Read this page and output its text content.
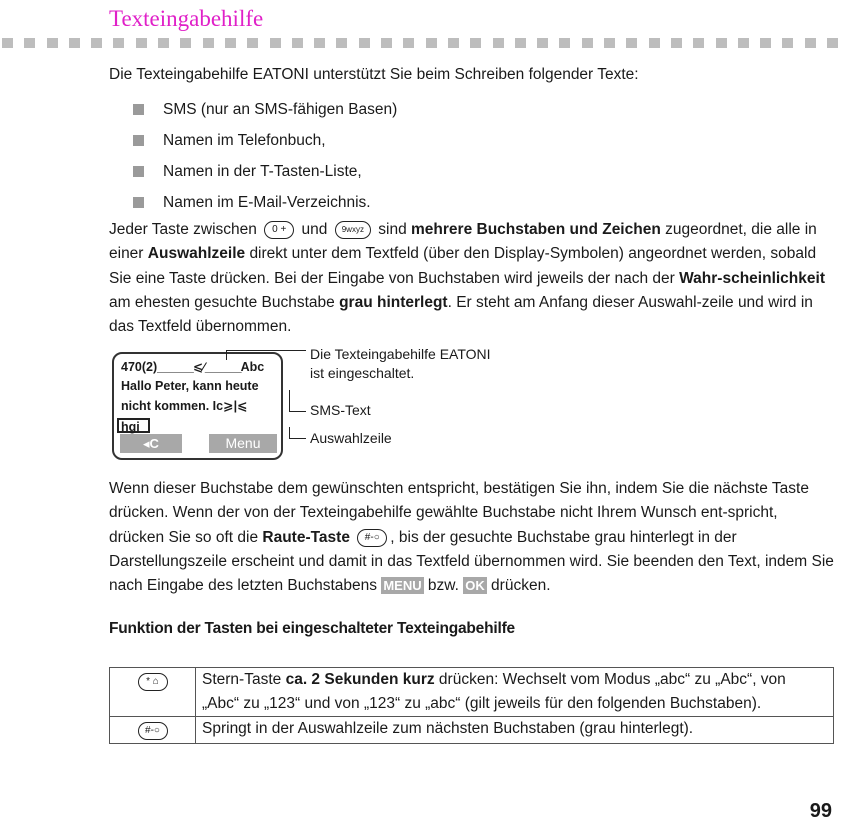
Texteingabehilfe
Die Texteingabehilfe EATONI unterstützt Sie beim Schreiben folgender Texte:
SMS (nur an SMS-fähigen Basen)
Namen im Telefonbuch,
Namen in der T-Tasten-Liste,
Namen im E-Mail-Verzeichnis.
Jeder Taste zwischen 0 + und 9wxyz sind mehrere Buchstaben und Zeichen zugeordnet, die alle in einer Auswahlzeile direkt unter dem Textfeld (über den Display-Symbolen) angeordnet werden, sobald Sie eine Taste drücken. Bei der Eingabe von Buchstaben wird jeweils der nach der Wahr-scheinlichkeit am ehesten gesuchte Buchstabe grau hinterlegt. Er steht am Anfang dieser Auswahl-zeile und wird in das Textfeld übernommen.
470(2)______⩽⁄______Abc
Hallo Peter, kann heute
nicht kommen. Ic⩾|⩽
hgi
◂C	Menu
Die Texteingabehilfe EATONI
ist eingeschaltet.
SMS-Text
Auswahlzeile
Wenn dieser Buchstabe dem gewünschten entspricht, bestätigen Sie ihn, indem Sie die nächste Taste drücken. Wenn der von der Texteingabehilfe gewählte Buchstabe nicht Ihrem Wunsch ent-spricht, drücken Sie so oft die Raute-Taste #-○ , bis der gesuchte Buchstabe grau hinterlegt in der Darstellungszeile erscheint und damit in das Textfeld übernommen wird. Sie beenden den Text, indem Sie nach Eingabe des letzten Buchstabens MENU bzw. OK drücken.
Funktion der Tasten bei eingeschalteter Texteingabehilfe
* ⌂	Stern-Taste ca. 2 Sekunden kurz drücken: Wechselt vom Modus „abc“ zu „Abc“, von „Abc“ zu „123“ und von „123“ zu „abc“ (gilt jeweils für den folgenden Buchstaben).
#-○	Springt in der Auswahlzeile zum nächsten Buchstaben (grau hinterlegt).
99
